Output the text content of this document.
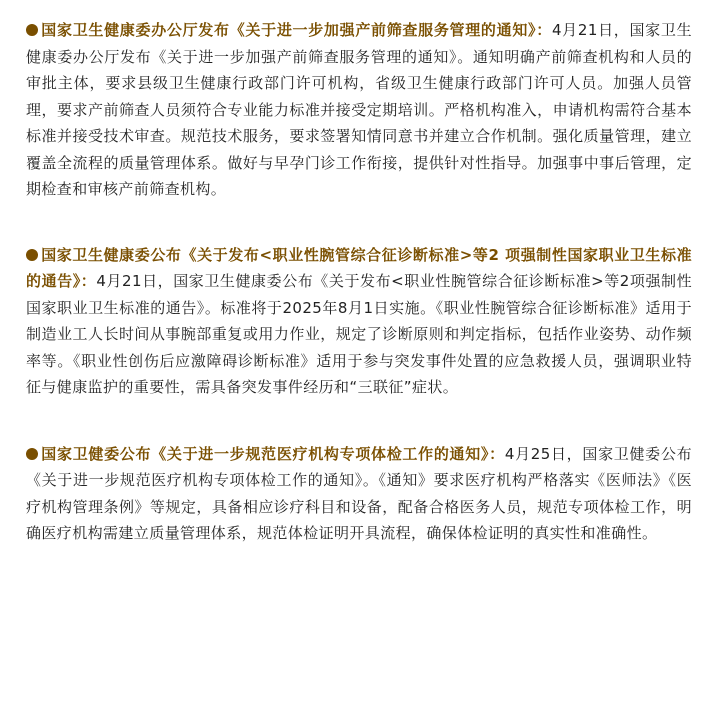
国家卫生健康委办公厅发布《关于进一步加强产前筛查服务管理的通知》：4月21日，国家卫生健康委办公厅发布《关于进一步加强产前筛查服务管理的通知》。通知明确产前筛查机构和人员的审批主体，要求县级卫生健康行政部门许可机构，省级卫生健康行政部门许可人员。加强人员管理，要求产前筛查人员须符合专业能力标准并接受定期培训。严格机构准入，申请机构需符合基本标准并接受技术审查。规范技术服务，要求签署知情同意书并建立合作机制。强化质量管理，建立覆盖全流程的质量管理体系。做好与早孕门诊工作衔接，提供针对性指导。加强事中事后管理，定期检查和审核产前筛查机构。

国家卫生健康委公布《关于发布<职业性腕管综合征诊断标准>等2 项强制性国家职业卫生标准的通告》：4月21日，国家卫生健康委公布《关于发布<职业性腕管综合征诊断标准>等2项强制性国家职业卫生标准的通告》。标准将于2025年8月1日实施。《职业性腕管综合征诊断标准》适用于制造业工人长时间从事腕部重复或用力作业，规定了诊断原则和判定指标，包括作业姿势、动作频率等。《职业性创伤后应激障碍诊断标准》适用于参与突发事件处置的应急救援人员，强调职业特征与健康监护的重要性，需具备突发事件经历和“三联征”症状。

国家卫健委公布《关于进一步规范医疗机构专项体检工作的通知》：4月25日，国家卫健委公布《关于进一步规范医疗机构专项体检工作的通知》。《通知》要求医疗机构严格落实《医师法》《医疗机构管理条例》等规定，具备相应诊疗科目和设备，配备合格医务人员，规范专项体检工作，明确医疗机构需建立质量管理体系，规范体检证明开具流程，确保体检证明的真实性和准确性。
